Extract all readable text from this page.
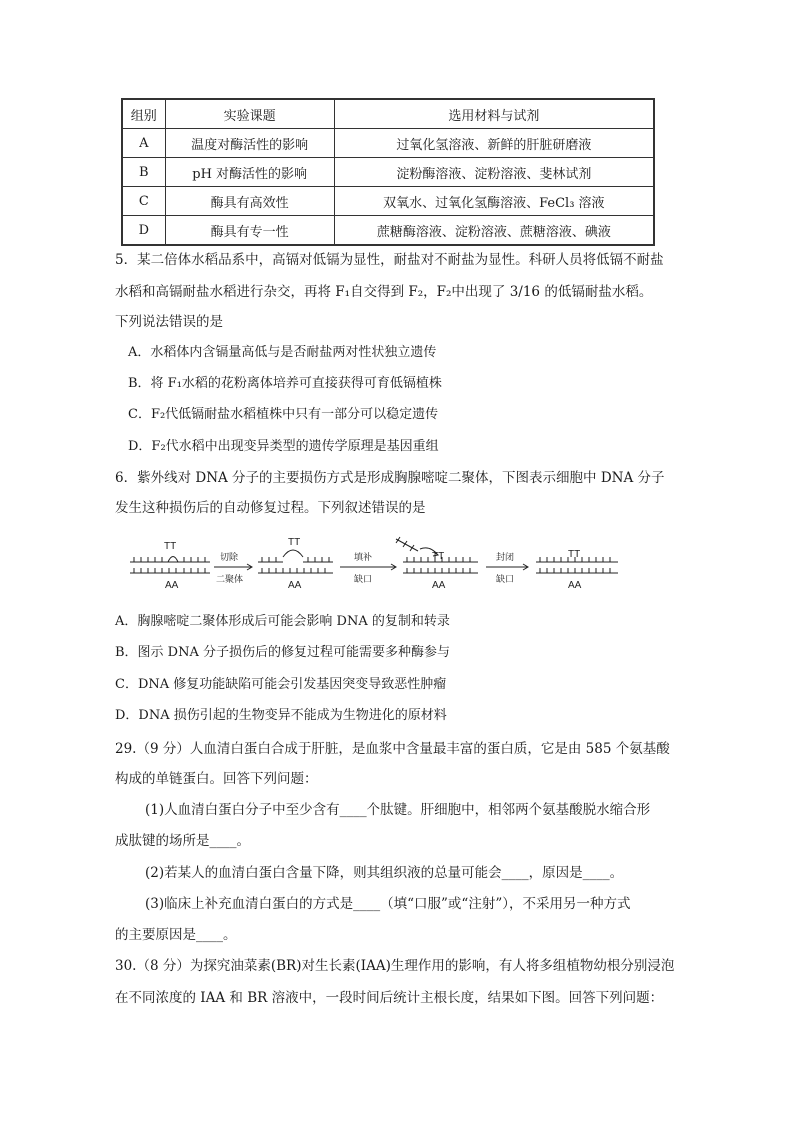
组别	实验课题	选用材料与试剂
A	温度对酶活性的影响	过氧化氢溶液、新鲜的肝脏研磨液
B	pH 对酶活性的影响	淀粉酶溶液、淀粉溶液、斐林试剂
C	酶具有高效性	双氧水、过氧化氢酶溶液、FeCl₃ 溶液
D	酶具有专一性	蔗糖酶溶液、淀粉溶液、蔗糖溶液、碘液
5．某二倍体水稻品系中，高镉对低镉为显性，耐盐对不耐盐为显性。科研人员将低镉不耐盐
水稻和高镉耐盐水稻进行杂交，再将 F₁自交得到 F₂，F₂中出现了 3/16 的低镉耐盐水稻。
下列说法错误的是
A．水稻体内含镉量高低与是否耐盐两对性状独立遗传
B．将 F₁水稻的花粉离体培养可直接获得可育低镉植株
C．F₂代低镉耐盐水稻植株中只有一部分可以稳定遗传
D．F₂代水稻中出现变异类型的遗传学原理是基因重组
6．紫外线对 DNA 分子的主要损伤方式是形成胸腺嘧啶二聚体，下图表示细胞中 DNA 分子
发生这种损伤后的自动修复过程。下列叙述错误的是
TT
AA
TT
AA
TT
AA
TT
AA
切除
二聚体
填补
缺口
封闭
缺口
A．胸腺嘧啶二聚体形成后可能会影响 DNA 的复制和转录
B．图示 DNA 分子损伤后的修复过程可能需要多种酶参与
C．DNA 修复功能缺陷可能会引发基因突变导致恶性肿瘤
D．DNA 损伤引起的生物变异不能成为生物进化的原材料
29.（9 分）人血清白蛋白合成于肝脏，是血浆中含量最丰富的蛋白质，它是由 585 个氨基酸
构成的单链蛋白。回答下列问题：
(1)人血清白蛋白分子中至少含有____个肽键。肝细胞中，相邻两个氨基酸脱水缩合形
成肽键的场所是____。
(2)若某人的血清白蛋白含量下降，则其组织液的总量可能会____，原因是____。
(3)临床上补充血清白蛋白的方式是____（填“口服”或“注射”），不采用另一种方式
的主要原因是____。
30.（8 分）为探究油菜素(BR)对生长素(IAA)生理作用的影响，有人将多组植物幼根分别浸泡
在不同浓度的 IAA 和 BR 溶液中，一段时间后统计主根长度，结果如下图。回答下列问题：
